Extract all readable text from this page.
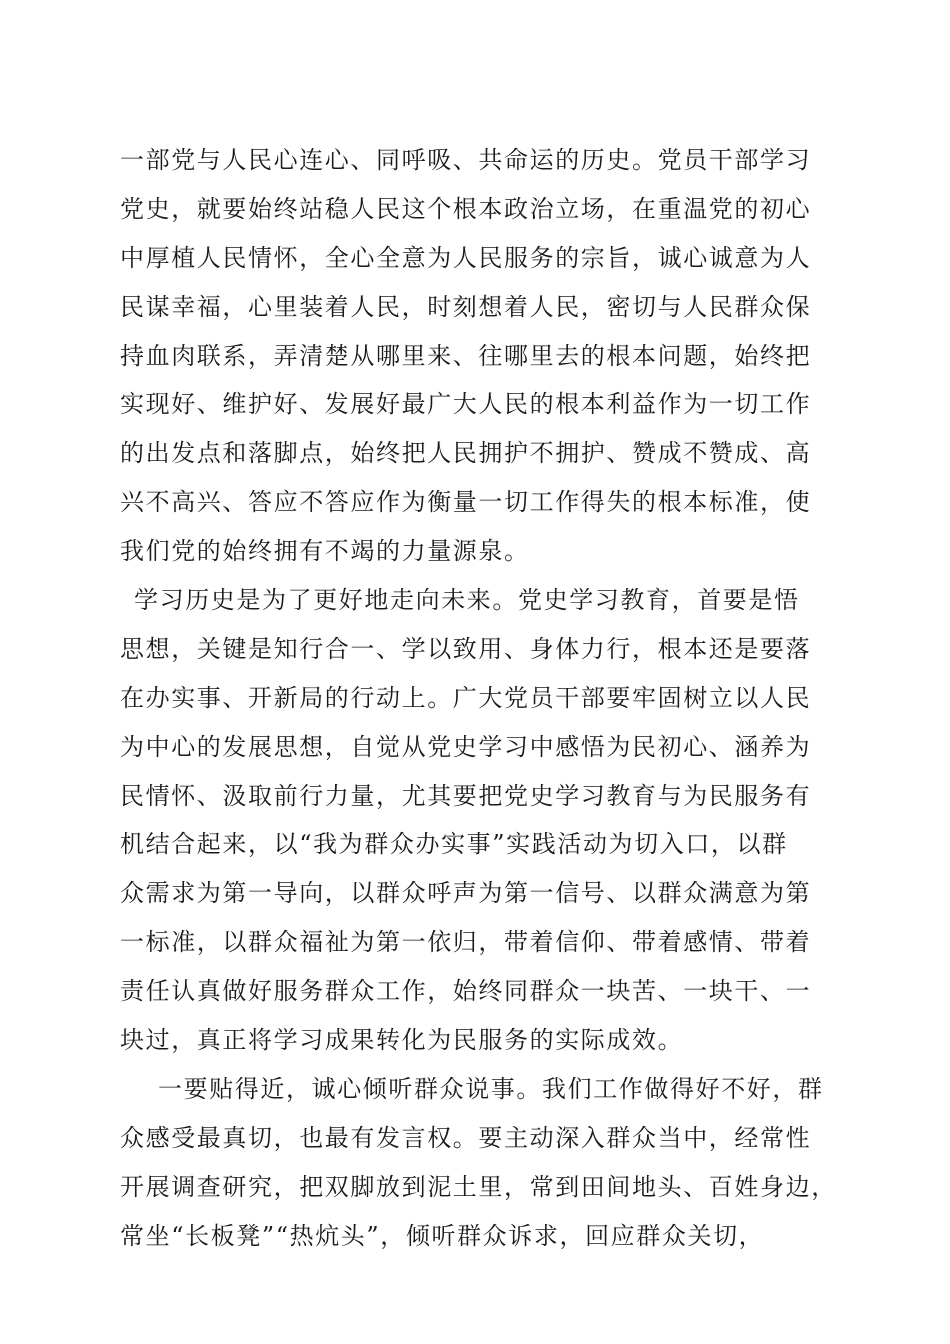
一部党与人民心连心、同呼吸、共命运的历史。党员干部学习
党史，就要始终站稳人民这个根本政治立场，在重温党的初心
中厚植人民情怀，全心全意为人民服务的宗旨，诚心诚意为人
民谋幸福，心里装着人民，时刻想着人民，密切与人民群众保
持血肉联系，弄清楚从哪里来、往哪里去的根本问题，始终把
实现好、维护好、发展好最广大人民的根本利益作为一切工作
的出发点和落脚点，始终把人民拥护不拥护、赞成不赞成、高
兴不高兴、答应不答应作为衡量一切工作得失的根本标准，使
我们党的始终拥有不竭的力量源泉。
学习历史是为了更好地走向未来。党史学习教育，首要是悟
思想，关键是知行合一、学以致用、身体力行，根本还是要落
在办实事、开新局的行动上。广大党员干部要牢固树立以人民
为中心的发展思想，自觉从党史学习中感悟为民初心、涵养为
民情怀、汲取前行力量，尤其要把党史学习教育与为民服务有
机结合起来，以“我为群众办实事”实践活动为切入口，以群
众需求为第一导向，以群众呼声为第一信号、以群众满意为第
一标准，以群众福祉为第一依归，带着信仰、带着感情、带着
责任认真做好服务群众工作，始终同群众一块苦、一块干、一
块过，真正将学习成果转化为民服务的实际成效。
一要贴得近，诚心倾听群众说事。我们工作做得好不好，群
众感受最真切，也最有发言权。要主动深入群众当中，经常性
开展调查研究，把双脚放到泥土里，常到田间地头、百姓身边，
常坐“长板凳”“热炕头”，倾听群众诉求，回应群众关切，
